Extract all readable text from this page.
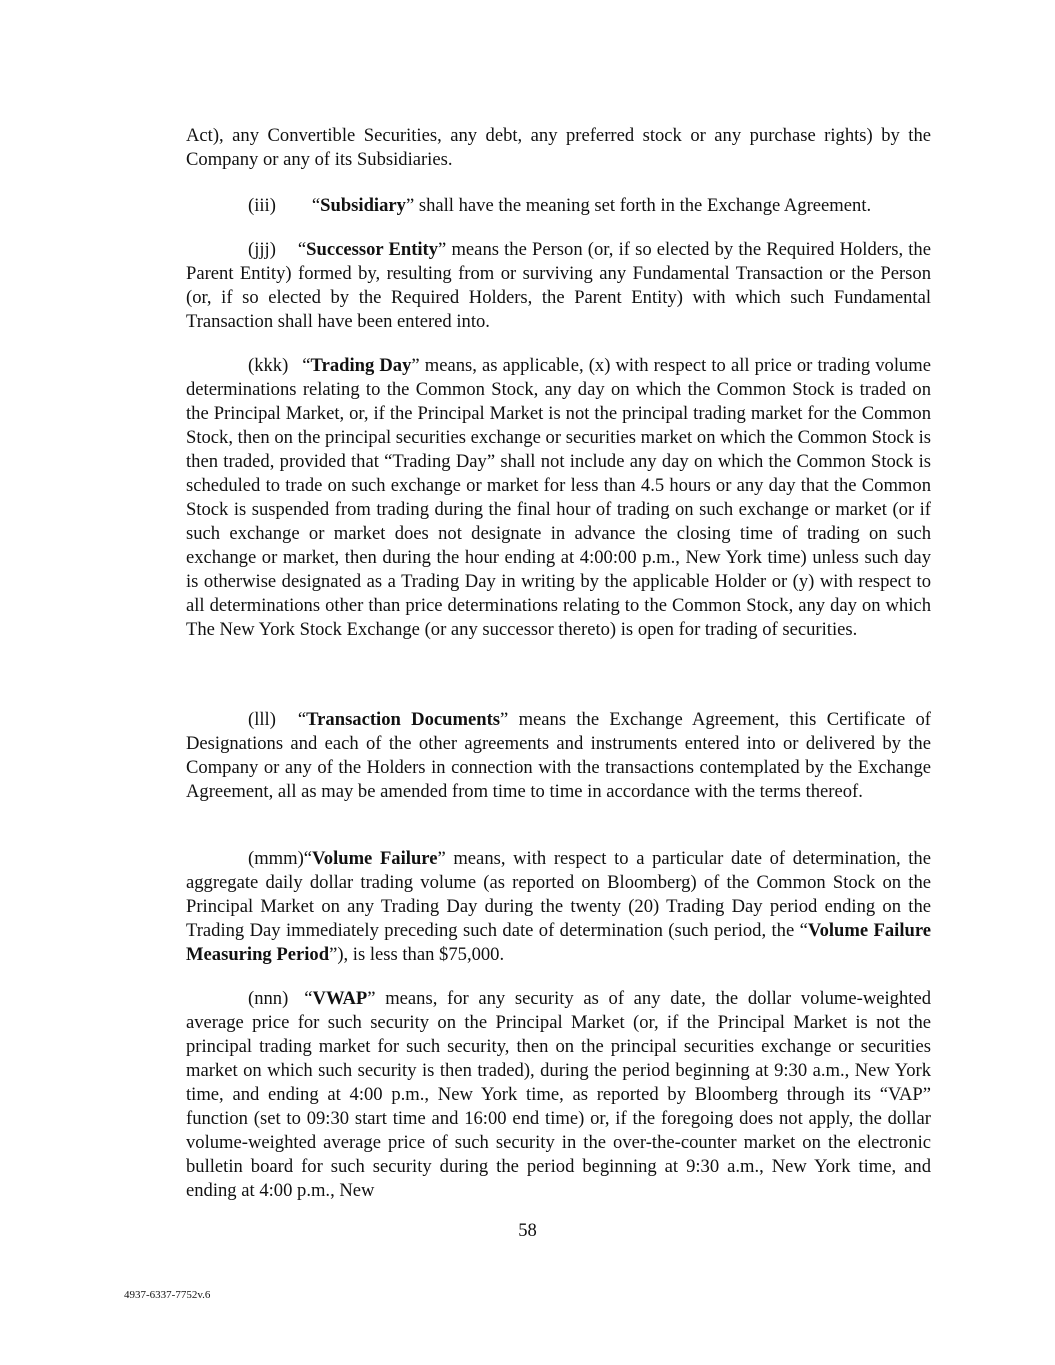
Act), any Convertible Securities, any debt, any preferred stock or any purchase rights) by the Company or any of its Subsidiaries.

(iii) “Subsidiary” shall have the meaning set forth in the Exchange Agreement.

(jjj) “Successor Entity” means the Person (or, if so elected by the Required Holders, the Parent Entity) formed by, resulting from or surviving any Fundamental Transaction or the Person (or, if so elected by the Required Holders, the Parent Entity) with which such Fundamental Transaction shall have been entered into.

(kkk) “Trading Day” means, as applicable, (x) with respect to all price or trading volume determinations relating to the Common Stock, any day on which the Common Stock is traded on the Principal Market, or, if the Principal Market is not the principal trading market for the Common Stock, then on the principal securities exchange or securities market on which the Common Stock is then traded, provided that “Trading Day” shall not include any day on which the Common Stock is scheduled to trade on such exchange or market for less than 4.5 hours or any day that the Common Stock is suspended from trading during the final hour of trading on such exchange or market (or if such exchange or market does not designate in advance the closing time of trading on such exchange or market, then during the hour ending at 4:00:00 p.m., New York time) unless such day is otherwise designated as a Trading Day in writing by the applicable Holder or (y) with respect to all determinations other than price determinations relating to the Common Stock, any day on which The New York Stock Exchange (or any successor thereto) is open for trading of securities.

(lll) “Transaction Documents” means the Exchange Agreement, this Certificate of Designations and each of the other agreements and instruments entered into or delivered by the Company or any of the Holders in connection with the transactions contemplated by the Exchange Agreement, all as may be amended from time to time in accordance with the terms thereof.

(mmm)“Volume Failure” means, with respect to a particular date of determination, the aggregate daily dollar trading volume (as reported on Bloomberg) of the Common Stock on the Principal Market on any Trading Day during the twenty (20) Trading Day period ending on the Trading Day immediately preceding such date of determination (such period, the “Volume Failure Measuring Period”), is less than $75,000.

(nnn) “VWAP” means, for any security as of any date, the dollar volume-weighted average price for such security on the Principal Market (or, if the Principal Market is not the principal trading market for such security, then on the principal securities exchange or securities market on which such security is then traded), during the period beginning at 9:30 a.m., New York time, and ending at 4:00 p.m., New York time, as reported by Bloomberg through its “VAP” function (set to 09:30 start time and 16:00 end time) or, if the foregoing does not apply, the dollar volume-weighted average price of such security in the over-the-counter market on the electronic bulletin board for such security during the period beginning at 9:30 a.m., New York time, and ending at 4:00 p.m., New

58
4937-6337-7752v.6
